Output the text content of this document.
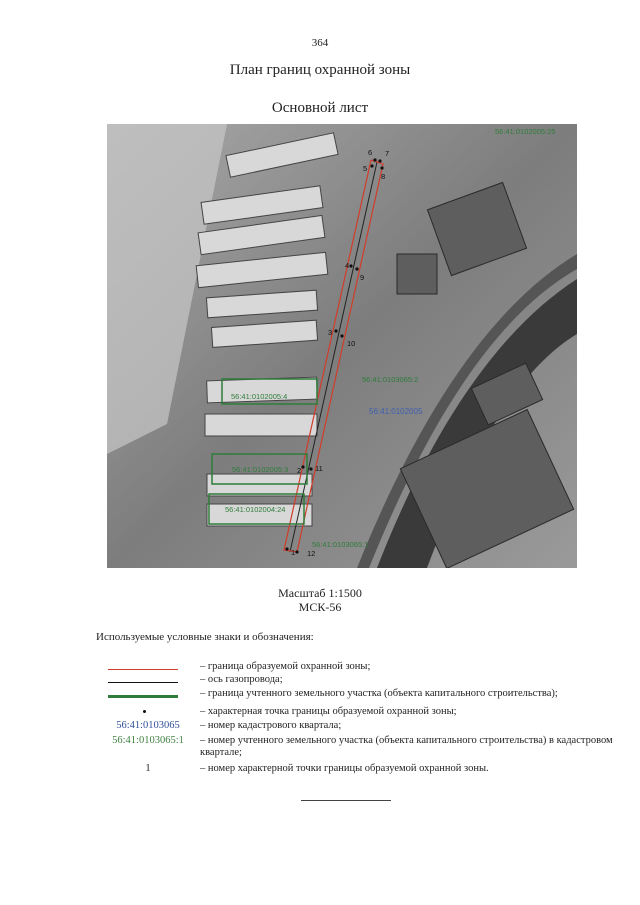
364
План границ охранной зоны
Основной лист
1
2
3
4
5
6 7
8
9
10
11
12
56:41:0102005
56:41:0102005:25
56:41:0102005:4
56:41:0103065:2
56:41:0102005:3
56:41:0102004:24
56:41:0103065:1
Масштаб 1:1500
МСК-56
Используемые условные знаки и обозначения:
– граница образуемой охранной зоны;
– ось газопровода;
– граница учтенного земельного участка (объекта капитального строительства);
– характерная точка границы образуемой охранной зоны;
56:41:0103065	– номер кадастрового квартала;
56:41:0103065:1	– номер учтенного земельного участка (объекта капитального строительства) в кадастровом квартале;
1	– номер характерной точки границы образуемой охранной зоны.
